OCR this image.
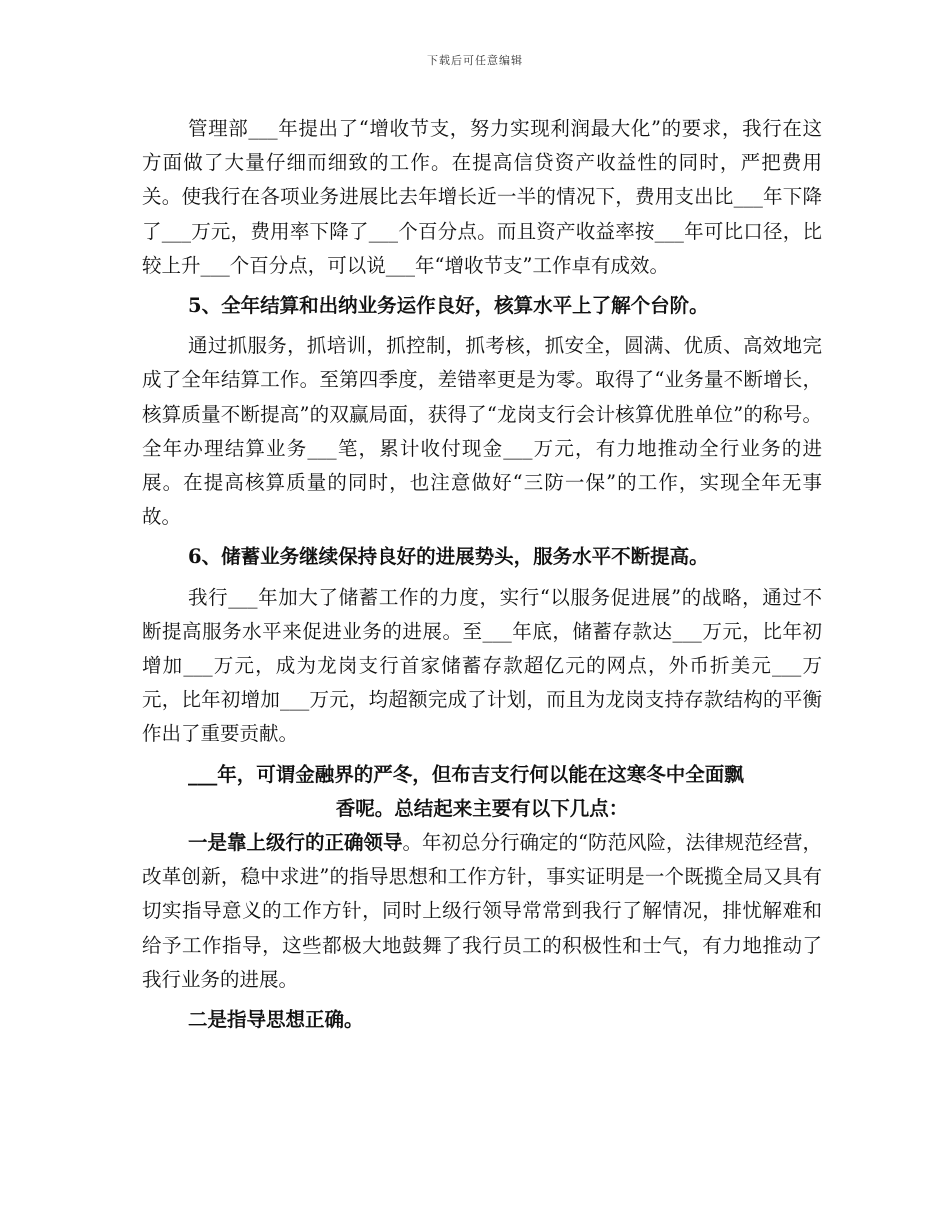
下载后可任意编辑

管理部___年提出了“增收节支，努力实现利润最大化”的要求，我行在这方面做了大量仔细而细致的工作。在提高信贷资产收益性的同时，严把费用关。使我行在各项业务进展比去年增长近一半的情况下，费用支出比___年下降了___万元，费用率下降了___个百分点。而且资产收益率按___年可比口径，比较上升___个百分点，可以说___年“增收节支”工作卓有成效。

5、全年结算和出纳业务运作良好，核算水平上了解个台阶。

通过抓服务，抓培训，抓控制，抓考核，抓安全，圆满、优质、高效地完成了全年结算工作。至第四季度，差错率更是为零。取得了“业务量不断增长，核算质量不断提高”的双赢局面，获得了“龙岗支行会计核算优胜单位”的称号。全年办理结算业务___笔，累计收付现金___万元，有力地推动全行业务的进展。在提高核算质量的同时，也注意做好“三防一保”的工作，实现全年无事故。

6、储蓄业务继续保持良好的进展势头，服务水平不断提高。

我行___年加大了储蓄工作的力度，实行“以服务促进展”的战略，通过不断提高服务水平来促进业务的进展。至___年底，储蓄存款达___万元，比年初增加___万元，成为龙岗支行首家储蓄存款超亿元的网点，外币折美元___万元，比年初增加___万元，均超额完成了计划，而且为龙岗支持存款结构的平衡作出了重要贡献。

___年，可谓金融界的严冬，但布吉支行何以能在这寒冬中全面飘

香呢。总结起来主要有以下几点：

一是靠上级行的正确领导。年初总分行确定的“防范风险，法律规范经营，改革创新，稳中求进”的指导思想和工作方针，事实证明是一个既揽全局又具有切实指导意义的工作方针，同时上级行领导常常到我行了解情况，排忧解难和给予工作指导，这些都极大地鼓舞了我行员工的积极性和士气，有力地推动了我行业务的进展。

二是指导思想正确。
